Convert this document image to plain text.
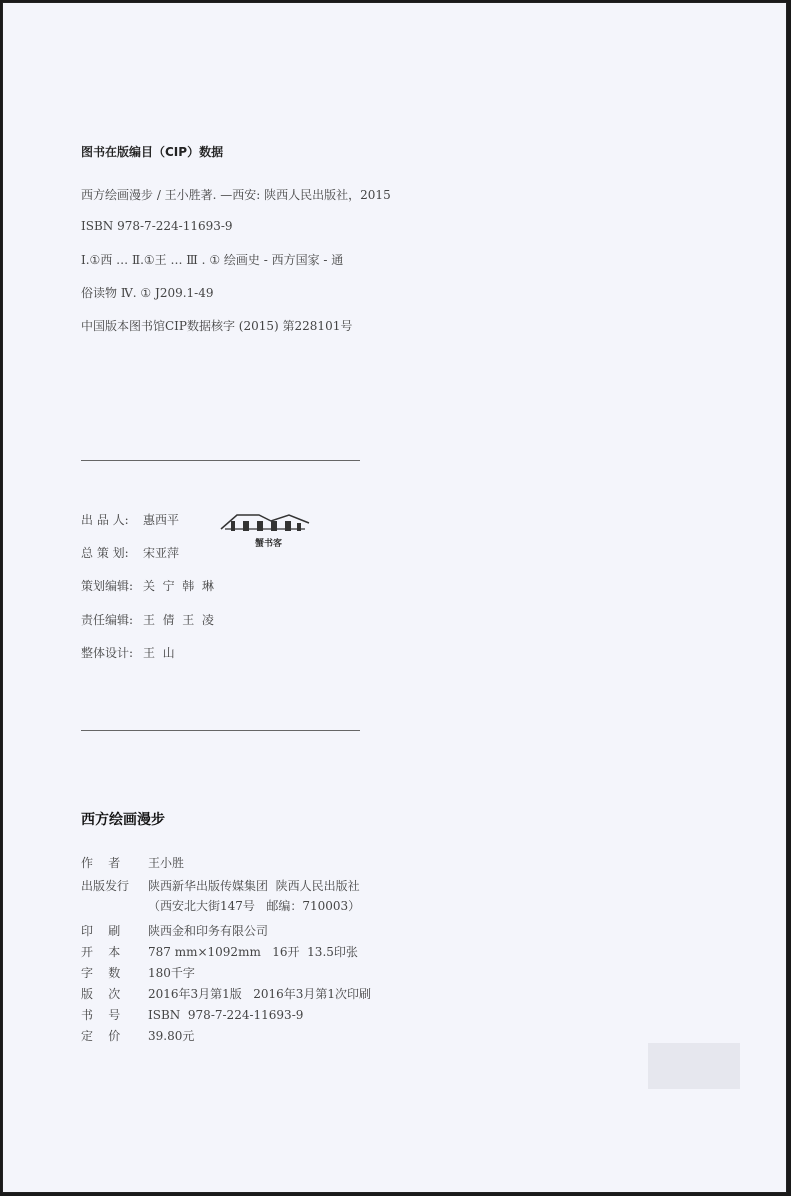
图书在版编目（CIP）数据
西方绘画漫步 / 王小胜著. —西安: 陕西人民出版社，2015
ISBN 978-7-224-11693-9
Ⅰ.①西 … Ⅱ.①王 … Ⅲ . ① 绘画史 - 西方国家 - 通
俗读物 Ⅳ. ① J209.1-49
中国版本图书馆CIP数据核字 (2015) 第228101号
出 品 人: 惠西平
总 策 划: 宋亚萍
策划编辑: 关  宁  韩  琳
责任编辑: 王  倩  王  凌
整体设计: 王  山
蟹书客
西方绘画漫步
作    者 王小胜
出版发行 陕西新华出版传媒集团  陕西人民出版社
（西安北大街147号   邮编：710003）
印    刷 陕西金和印务有限公司
开    本 787 mm×1092mm   16开  13.5印张
字    数 180千字
版    次 2016年3月第1版   2016年3月第1次印刷
书    号 ISBN  978-7-224-11693-9
定    价 39.80元
